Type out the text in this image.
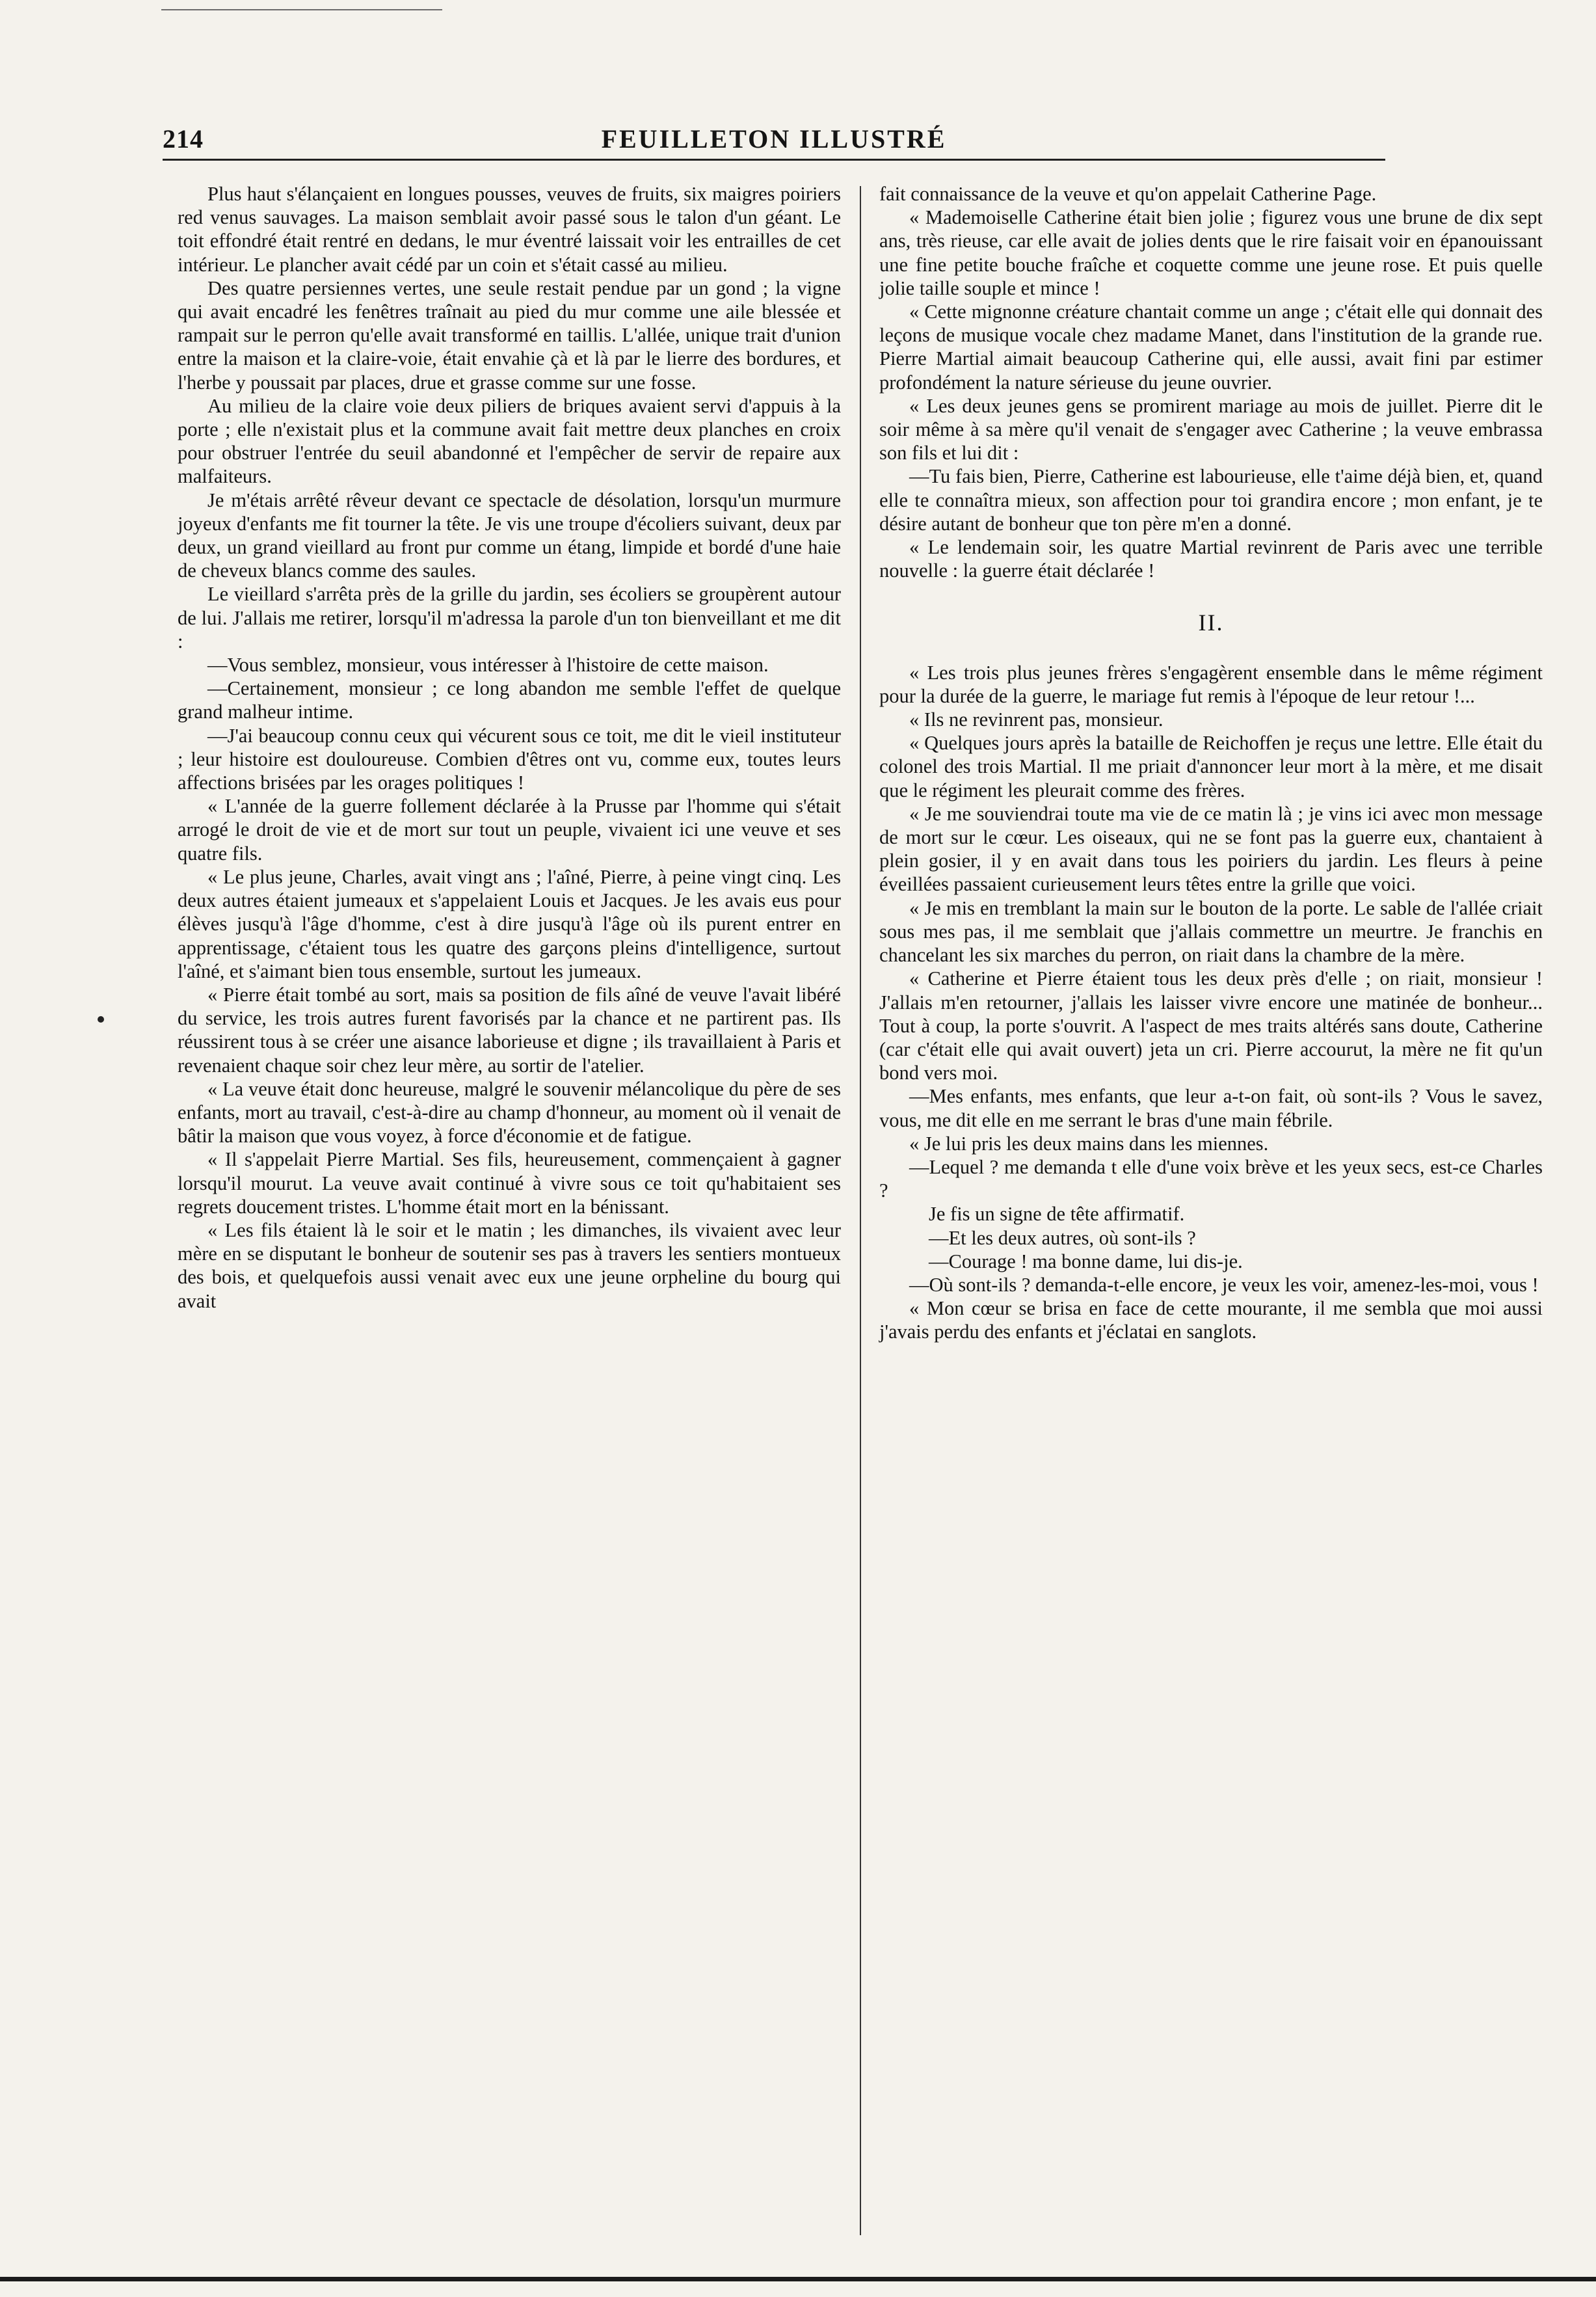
214	FEUILLETON ILLUSTRÉ

Plus haut s'élançaient en longues pousses, veuves de fruits, six maigres poiriers red venus sauvages. La maison semblait avoir passé sous le talon d'un géant. Le toit effondré était rentré en dedans, le mur éventré laissait voir les entrailles de cet intérieur. Le plancher avait cédé par un coin et s'était cassé au milieu.

Des quatre persiennes vertes, une seule restait pendue par un gond ; la vigne qui avait encadré les fenêtres traînait au pied du mur comme une aile blessée et rampait sur le perron qu'elle avait transformé en taillis. L'allée, unique trait d'union entre la maison et la claire-voie, était envahie çà et là par le lierre des bordures, et l'herbe y poussait par places, drue et grasse comme sur une fosse.

Au milieu de la claire voie deux piliers de briques avaient servi d'appuis à la porte ; elle n'existait plus et la commune avait fait mettre deux planches en croix pour obstruer l'entrée du seuil abandonné et l'empêcher de servir de repaire aux malfaiteurs.

Je m'étais arrêté rêveur devant ce spectacle de désolation, lorsqu'un murmure joyeux d'enfants me fit tourner la tête. Je vis une troupe d'écoliers suivant, deux par deux, un grand vieillard au front pur comme un étang, limpide et bordé d'une haie de cheveux blancs comme des saules.

Le vieillard s'arrêta près de la grille du jardin, ses écoliers se groupèrent autour de lui. J'allais me retirer, lorsqu'il m'adressa la parole d'un ton bienveillant et me dit :

—Vous semblez, monsieur, vous intéresser à l'histoire de cette maison.

—Certainement, monsieur ; ce long abandon me semble l'effet de quelque grand malheur intime.

—J'ai beaucoup connu ceux qui vécurent sous ce toit, me dit le vieil instituteur ; leur histoire est douloureuse. Combien d'êtres ont vu, comme eux, toutes leurs affections brisées par les orages politiques !

« L'année de la guerre follement déclarée à la Prusse par l'homme qui s'était arrogé le droit de vie et de mort sur tout un peuple, vivaient ici une veuve et ses quatre fils.

« Le plus jeune, Charles, avait vingt ans ; l'aîné, Pierre, à peine vingt cinq. Les deux autres étaient jumeaux et s'appelaient Louis et Jacques. Je les avais eus pour élèves jusqu'à l'âge d'homme, c'est à dire jusqu'à l'âge où ils purent entrer en apprentissage, c'étaient tous les quatre des garçons pleins d'intelligence, surtout l'aîné, et s'aimant bien tous ensemble, surtout les jumeaux.

« Pierre était tombé au sort, mais sa position de fils aîné de veuve l'avait libéré du service, les trois autres furent favorisés par la chance et ne partirent pas. Ils réussirent tous à se créer une aisance laborieuse et digne ; ils travaillaient à Paris et revenaient chaque soir chez leur mère, au sortir de l'atelier.

« La veuve était donc heureuse, malgré le souvenir mélancolique du père de ses enfants, mort au travail, c'est-à-dire au champ d'honneur, au moment où il venait de bâtir la maison que vous voyez, à force d'économie et de fatigue.

« Il s'appelait Pierre Martial. Ses fils, heureusement, commençaient à gagner lorsqu'il mourut. La veuve avait continué à vivre sous ce toit qu'habitaient ses regrets doucement tristes. L'homme était mort en la bénissant.

« Les fils étaient là le soir et le matin ; les dimanches, ils vivaient avec leur mère en se disputant le bonheur de soutenir ses pas à travers les sentiers montueux des bois, et quelquefois aussi venait avec eux une jeune orpheline du bourg qui avait

fait connaissance de la veuve et qu'on appelait Catherine Page.

« Mademoiselle Catherine était bien jolie ; figurez vous une brune de dix sept ans, très rieuse, car elle avait de jolies dents que le rire faisait voir en épanouissant une fine petite bouche fraîche et coquette comme une jeune rose. Et puis quelle jolie taille souple et mince !

« Cette mignonne créature chantait comme un ange ; c'était elle qui donnait des leçons de musique vocale chez madame Manet, dans l'institution de la grande rue. Pierre Martial aimait beaucoup Catherine qui, elle aussi, avait fini par estimer profondément la nature sérieuse du jeune ouvrier.

« Les deux jeunes gens se promirent mariage au mois de juillet. Pierre dit le soir même à sa mère qu'il venait de s'engager avec Catherine ; la veuve embrassa son fils et lui dit :

—Tu fais bien, Pierre, Catherine est labourieuse, elle t'aime déjà bien, et, quand elle te connaîtra mieux, son affection pour toi grandira encore ; mon enfant, je te désire autant de bonheur que ton père m'en a donné.

« Le lendemain soir, les quatre Martial revinrent de Paris avec une terrible nouvelle : la guerre était déclarée !

II.

« Les trois plus jeunes frères s'engagèrent ensemble dans le même régiment pour la durée de la guerre, le mariage fut remis à l'époque de leur retour !...

« Ils ne revinrent pas, monsieur.

« Quelques jours après la bataille de Reichoffen je reçus une lettre. Elle était du colonel des trois Martial. Il me priait d'annoncer leur mort à la mère, et me disait que le régiment les pleurait comme des frères.

« Je me souviendrai toute ma vie de ce matin là ; je vins ici avec mon message de mort sur le cœur. Les oiseaux, qui ne se font pas la guerre eux, chantaient à plein gosier, il y en avait dans tous les poiriers du jardin. Les fleurs à peine éveillées passaient curieusement leurs têtes entre la grille que voici.

« Je mis en tremblant la main sur le bouton de la porte. Le sable de l'allée criait sous mes pas, il me semblait que j'allais commettre un meurtre. Je franchis en chancelant les six marches du perron, on riait dans la chambre de la mère.

« Catherine et Pierre étaient tous les deux près d'elle ; on riait, monsieur ! J'allais m'en retourner, j'allais les laisser vivre encore une matinée de bonheur... Tout à coup, la porte s'ouvrit. A l'aspect de mes traits altérés sans doute, Catherine (car c'était elle qui avait ouvert) jeta un cri. Pierre accourut, la mère ne fit qu'un bond vers moi.

—Mes enfants, mes enfants, que leur a-t-on fait, où sont-ils ? Vous le savez, vous, me dit elle en me serrant le bras d'une main fébrile.

« Je lui pris les deux mains dans les miennes.

—Lequel ? me demanda t elle d'une voix brève et les yeux secs, est-ce Charles ?

Je fis un signe de tête affirmatif.

—Et les deux autres, où sont-ils ?

—Courage ! ma bonne dame, lui dis-je.

—Où sont-ils ? demanda-t-elle encore, je veux les voir, amenez-les-moi, vous !

« Mon cœur se brisa en face de cette mourante, il me sembla que moi aussi j'avais perdu des enfants et j'éclatai en sanglots.
